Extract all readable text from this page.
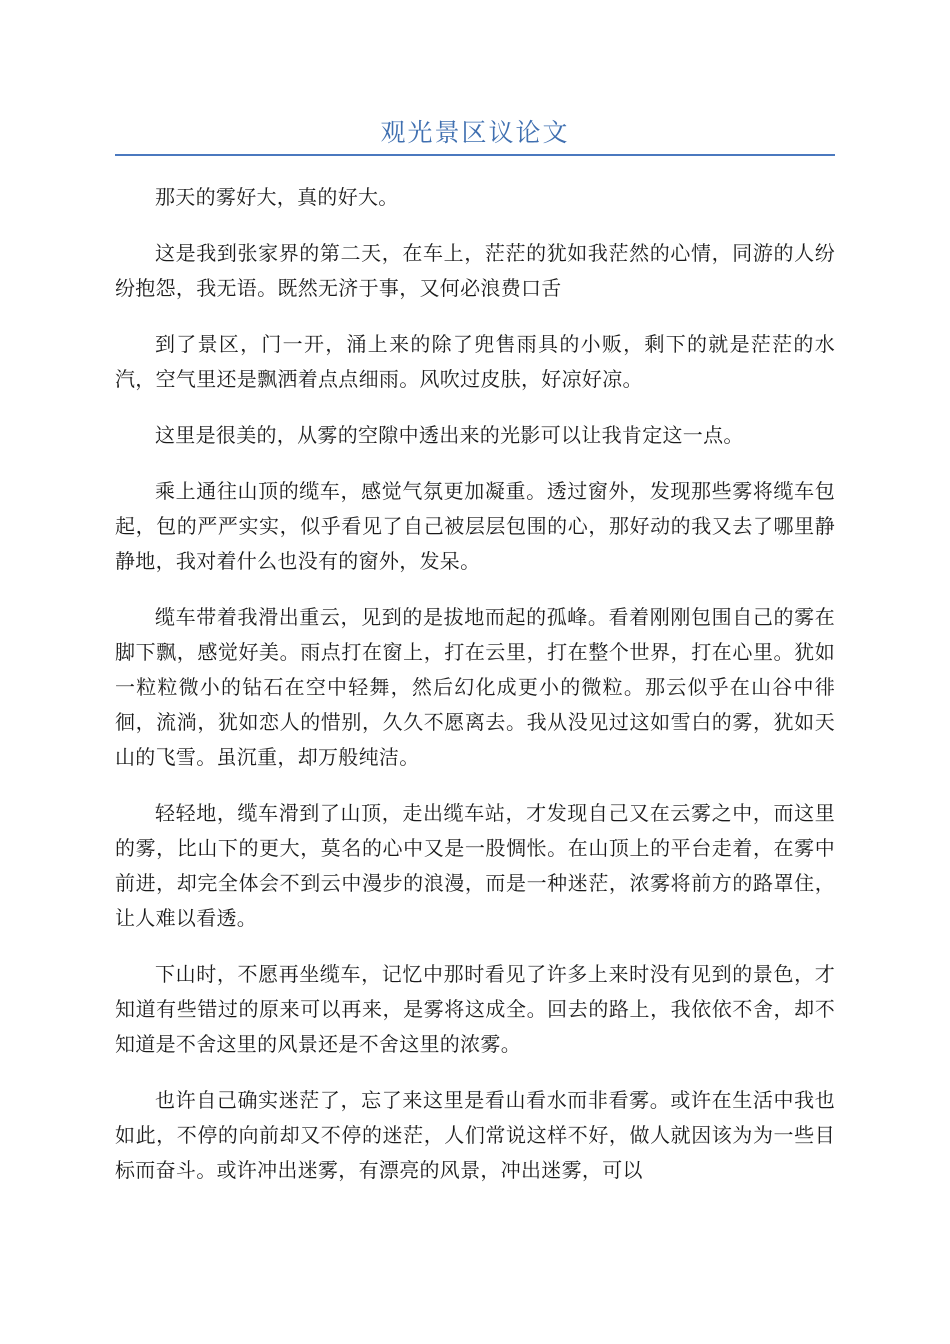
观光景区议论文

那天的雾好大，真的好大。

这是我到张家界的第二天，在车上，茫茫的犹如我茫然的心情，同游的人纷纷抱怨，我无语。既然无济于事，又何必浪费口舌

到了景区，门一开，涌上来的除了兜售雨具的小贩，剩下的就是茫茫的水汽，空气里还是飘洒着点点细雨。风吹过皮肤，好凉好凉。

这里是很美的，从雾的空隙中透出来的光影可以让我肯定这一点。

乘上通往山顶的缆车，感觉气氛更加凝重。透过窗外，发现那些雾将缆车包起，包的严严实实，似乎看见了自己被层层包围的心，那好动的我又去了哪里静静地，我对着什么也没有的窗外，发呆。

缆车带着我滑出重云，见到的是拔地而起的孤峰。看着刚刚包围自己的雾在脚下飘，感觉好美。雨点打在窗上，打在云里，打在整个世界，打在心里。犹如一粒粒微小的钻石在空中轻舞，然后幻化成更小的微粒。那云似乎在山谷中徘徊，流淌，犹如恋人的惜别，久久不愿离去。我从没见过这如雪白的雾，犹如天山的飞雪。虽沉重，却万般纯洁。

轻轻地，缆车滑到了山顶，走出缆车站，才发现自己又在云雾之中，而这里的雾，比山下的更大，莫名的心中又是一股惆怅。在山顶上的平台走着，在雾中前进，却完全体会不到云中漫步的浪漫，而是一种迷茫，浓雾将前方的路罩住，让人难以看透。

下山时，不愿再坐缆车，记忆中那时看见了许多上来时没有见到的景色，才知道有些错过的原来可以再来，是雾将这成全。回去的路上，我依依不舍，却不知道是不舍这里的风景还是不舍这里的浓雾。

也许自己确实迷茫了，忘了来这里是看山看水而非看雾。或许在生活中我也如此，不停的向前却又不停的迷茫，人们常说这样不好，做人就因该为为一些目标而奋斗。或许冲出迷雾，有漂亮的风景，冲出迷雾，可以
